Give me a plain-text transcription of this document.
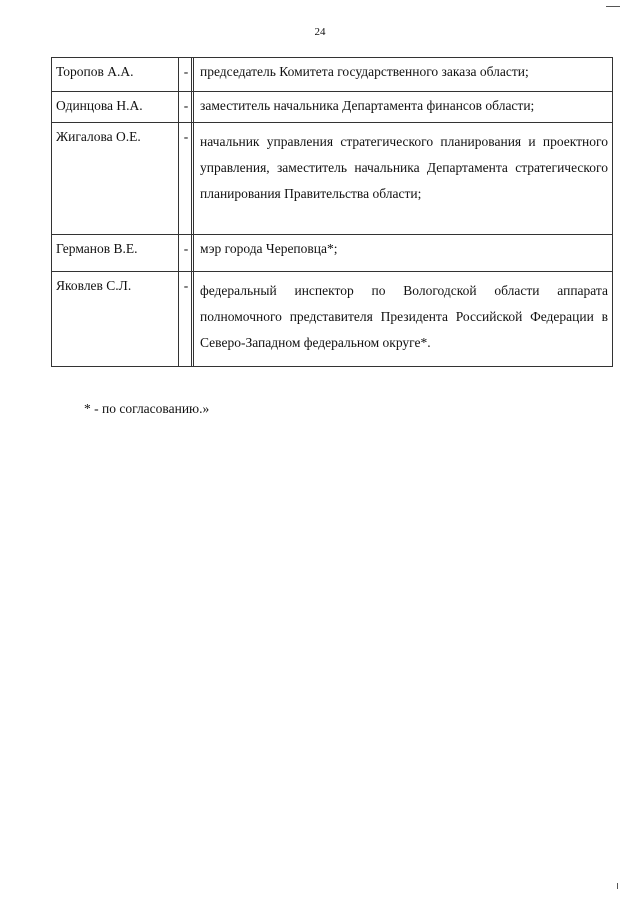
24
Торопов А.А.	-	председатель Комитета государственного заказа области;
Одинцова Н.А.	-	заместитель начальника Департамента финансов области;
Жигалова О.Е.	-	начальник управления стратегического планирования и проектного управления, заместитель начальника Департамента стратегического планирования Правительства области;
Германов В.Е.	-	мэр города Череповца*;
Яковлев С.Л.	-	федеральный инспектор по Вологодской области аппарата полномочного представителя Президента Российской Федерации в Северо-Западном федеральном округе*.
* - по согласованию.»
